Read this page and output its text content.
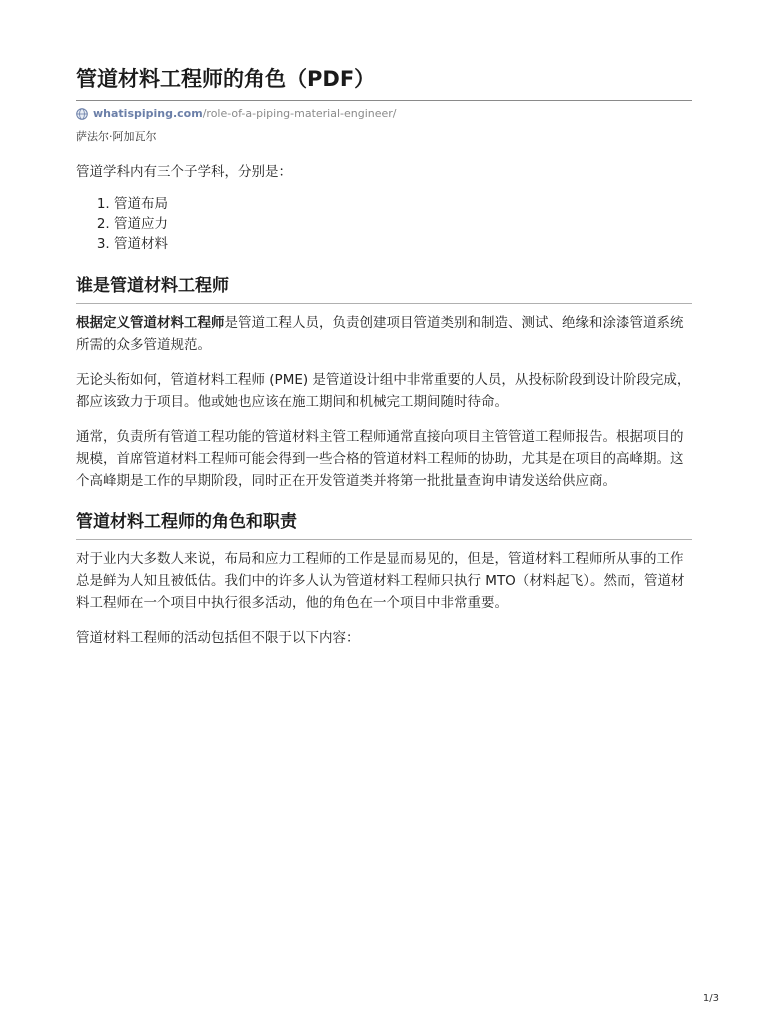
管道材料工程师的角色（PDF）
whatispiping.com /role-of-a-piping-material-engineer/
萨法尔·阿加瓦尔

管道学科内有三个子学科，分别是：

1. 管道布局
2. 管道应力
3. 管道材料
谁是管道材料工程师

根据定义管道材料工程师是管道工程人员，负责创建项目管道类别和制造、测试、绝缘和涂漆管道系统所需的众多管道规范。

无论头衔如何，管道材料工程师 (PME) 是管道设计组中非常重要的人员，从投标阶段到设计阶段完成，都应该致力于项目。他或她也应该在施工期间和机械完工期间随时待命。

通常，负责所有管道工程功能的管道材料主管工程师通常直接向项目主管管道工程师报告。根据项目的规模，首席管道材料工程师可能会得到一些合格的管道材料工程师的协助，尤其是在项目的高峰期。这个高峰期是工作的早期阶段，同时正在开发管道类并将第一批批量查询申请发送给供应商。

管道材料工程师的角色和职责

对于业内大多数人来说，布局和应力工程师的工作是显而易见的，但是，管道材料工程师所从事的工作总是鲜为人知且被低估。我们中的许多人认为管道材料工程师只执行 MTO（材料起飞）。然而，管道材料工程师在一个项目中执行很多活动，他的角色在一个项目中非常重要。

管道材料工程师的活动包括但不限于以下内容：

1/3
